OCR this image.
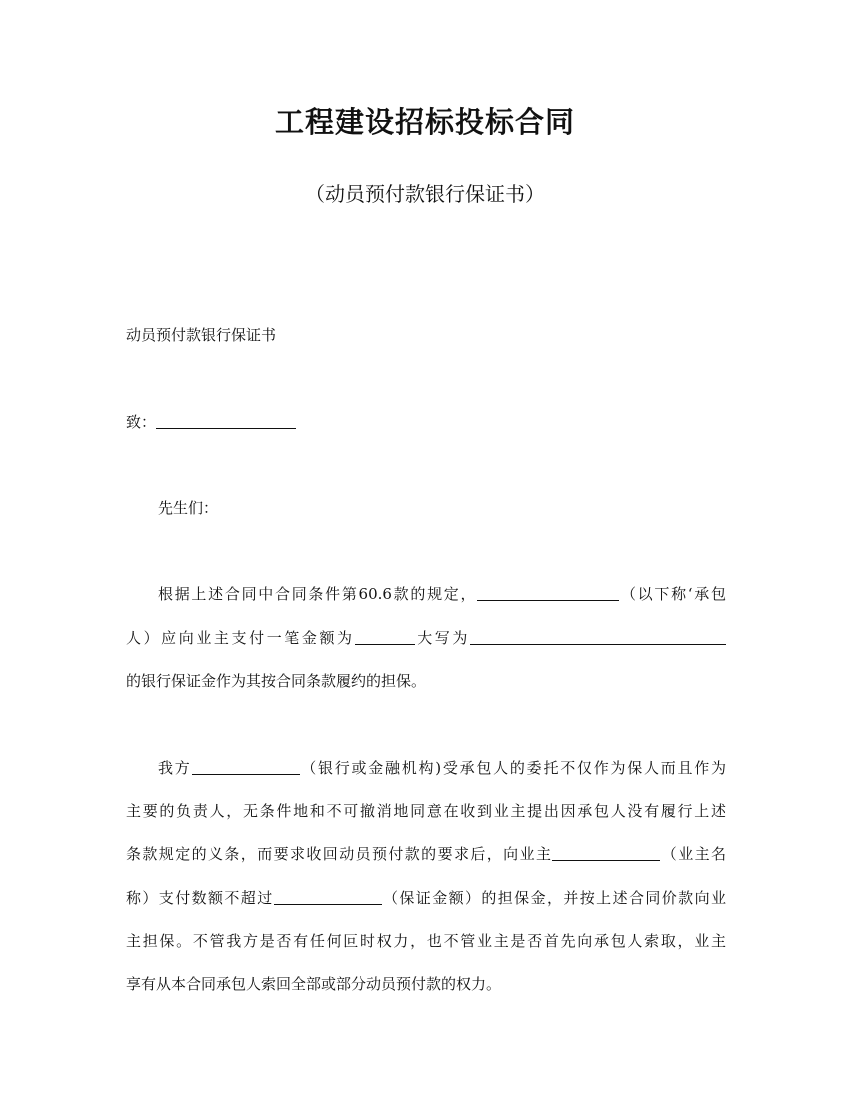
工程建设招标投标合同
（动员预付款银行保证书）
动员预付款银行保证书
致：
先生们：
根据上述合同中合同条件第60.6款的规定，	（以下称‘承包
人）应向业主支付一笔金额为	大写为
的银行保证金作为其按合同条款履约的担保。
我方	（银行或金融机构)受承包人的委托不仅作为保人而且作为
主要的负责人，无条件地和不可撤消地同意在收到业主提出因承包人没有履行上述
条款规定的义条，而要求收回动员预付款的要求后，向业主	（业主名
称）支付数额不超过	（保证金额）的担保金，并按上述合同价款向业
主担保。不管我方是否有任何叵时权力，也不管业主是否首先向承包人索取，业主
享有从本合同承包人索回全部或部分动员预付款的权力。
